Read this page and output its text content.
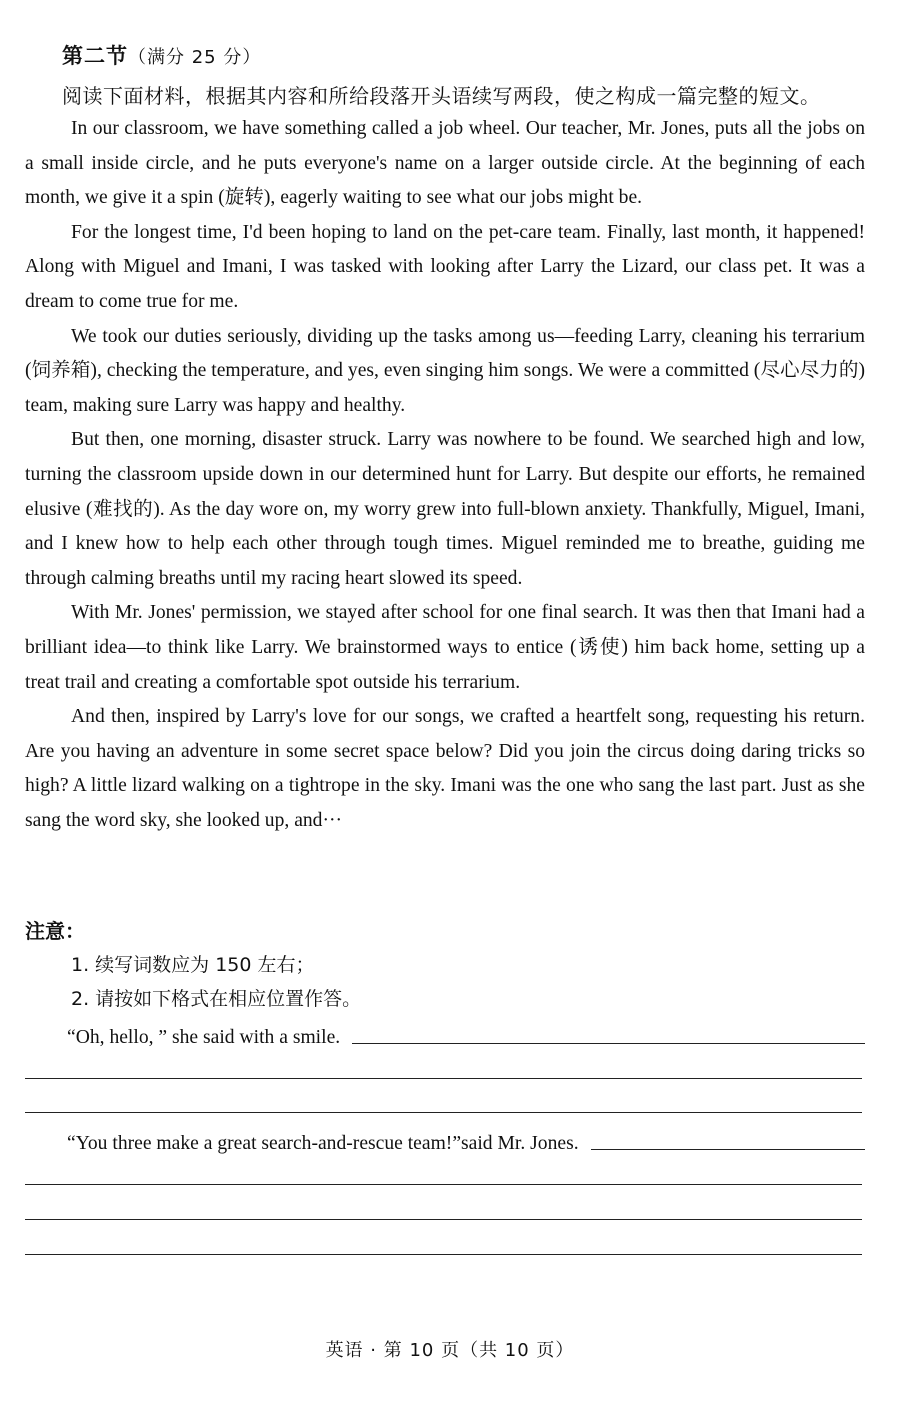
第二节（满分 25 分）
阅读下面材料，根据其内容和所给段落开头语续写两段，使之构成一篇完整的短文。

In our classroom, we have something called a job wheel. Our teacher, Mr. Jones, puts all the jobs on a small inside circle, and he puts everyone's name on a larger outside circle. At the beginning of each month, we give it a spin (旋转), eagerly waiting to see what our jobs might be.

For the longest time, I'd been hoping to land on the pet-care team. Finally, last month, it happened! Along with Miguel and Imani, I was tasked with looking after Larry the Lizard, our class pet. It was a dream to come true for me.

We took our duties seriously, dividing up the tasks among us—feeding Larry, cleaning his terrarium (饲养箱), checking the temperature, and yes, even singing him songs. We were a committed (尽心尽力的) team, making sure Larry was happy and healthy.

But then, one morning, disaster struck. Larry was nowhere to be found. We searched high and low, turning the classroom upside down in our determined hunt for Larry. But despite our efforts, he remained elusive (难找的). As the day wore on, my worry grew into full-blown anxiety. Thankfully, Miguel, Imani, and I knew how to help each other through tough times. Miguel reminded me to breathe, guiding me through calming breaths until my racing heart slowed its speed.

With Mr. Jones' permission, we stayed after school for one final search. It was then that Imani had a brilliant idea—to think like Larry. We brainstormed ways to entice (诱使) him back home, setting up a treat trail and creating a comfortable spot outside his terrarium.

And then, inspired by Larry's love for our songs, we crafted a heartfelt song, requesting his return. Are you having an adventure in some secret space below? Did you join the circus doing daring tricks so high? A little lizard walking on a tightrope in the sky. Imani was the one who sang the last part. Just as she sang the word sky, she looked up, and···

注意：
1. 续写词数应为 150 左右；
2. 请按如下格式在相应位置作答。
“Oh, hello, ” she said with a smile.
“You three make a great search-and-rescue team!”said Mr. Jones.
英语 · 第 10 页（共 10 页）
